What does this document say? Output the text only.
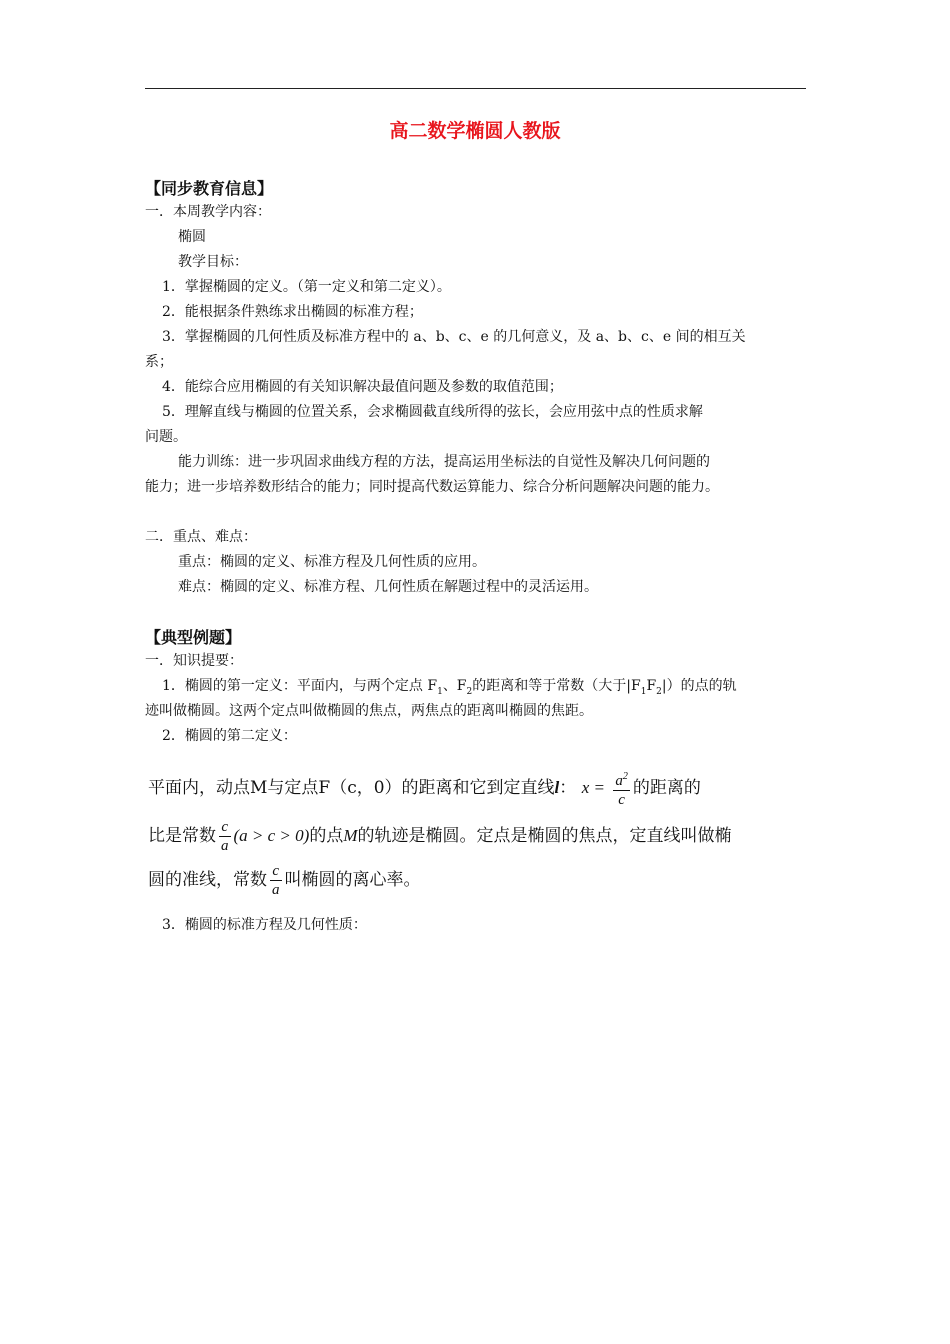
高二数学椭圆人教版
【同步教育信息】
一．本周教学内容：
椭圆
教学目标：
1．掌握椭圆的定义。（第一定义和第二定义）。
2．能根据条件熟练求出椭圆的标准方程；
3．掌握椭圆的几何性质及标准方程中的 a、b、c、e 的几何意义，及 a、b、c、e 间的相互关
系；
4．能综合应用椭圆的有关知识解决最值问题及参数的取值范围；
5．理解直线与椭圆的位置关系，会求椭圆截直线所得的弦长，会应用弦中点的性质求解
问题。
能力训练：进一步巩固求曲线方程的方法，提高运用坐标法的自觉性及解决几何问题的
能力；进一步培养数形结合的能力；同时提高代数运算能力、综合分析问题解决问题的能力。
二．重点、难点：
重点：椭圆的定义、标准方程及几何性质的应用。
难点：椭圆的定义、标准方程、几何性质在解题过程中的灵活运用。
【典型例题】
一．知识提要：
1．椭圆的第一定义：平面内，与两个定点 $F_1$、$F_2$的距离和等于常数（大于$|F_1F_2|$）的点的轨
迹叫做椭圆。这两个定点叫做椭圆的焦点，两焦点的距离叫椭圆的焦距。
2．椭圆的第二定义：
平面内，动点M与定点F（c，0）的距离和它到定直线l： $x = \frac{a^2}{c}$ 的距离的
比是常数 $\frac{c}{a} (a > c > 0)$的点M的轨迹是椭圆。定点是椭圆的焦点，定直线叫做椭
圆的准线，常数 $\frac{c}{a}$ 叫椭圆的离心率。
3．椭圆的标准方程及几何性质：
